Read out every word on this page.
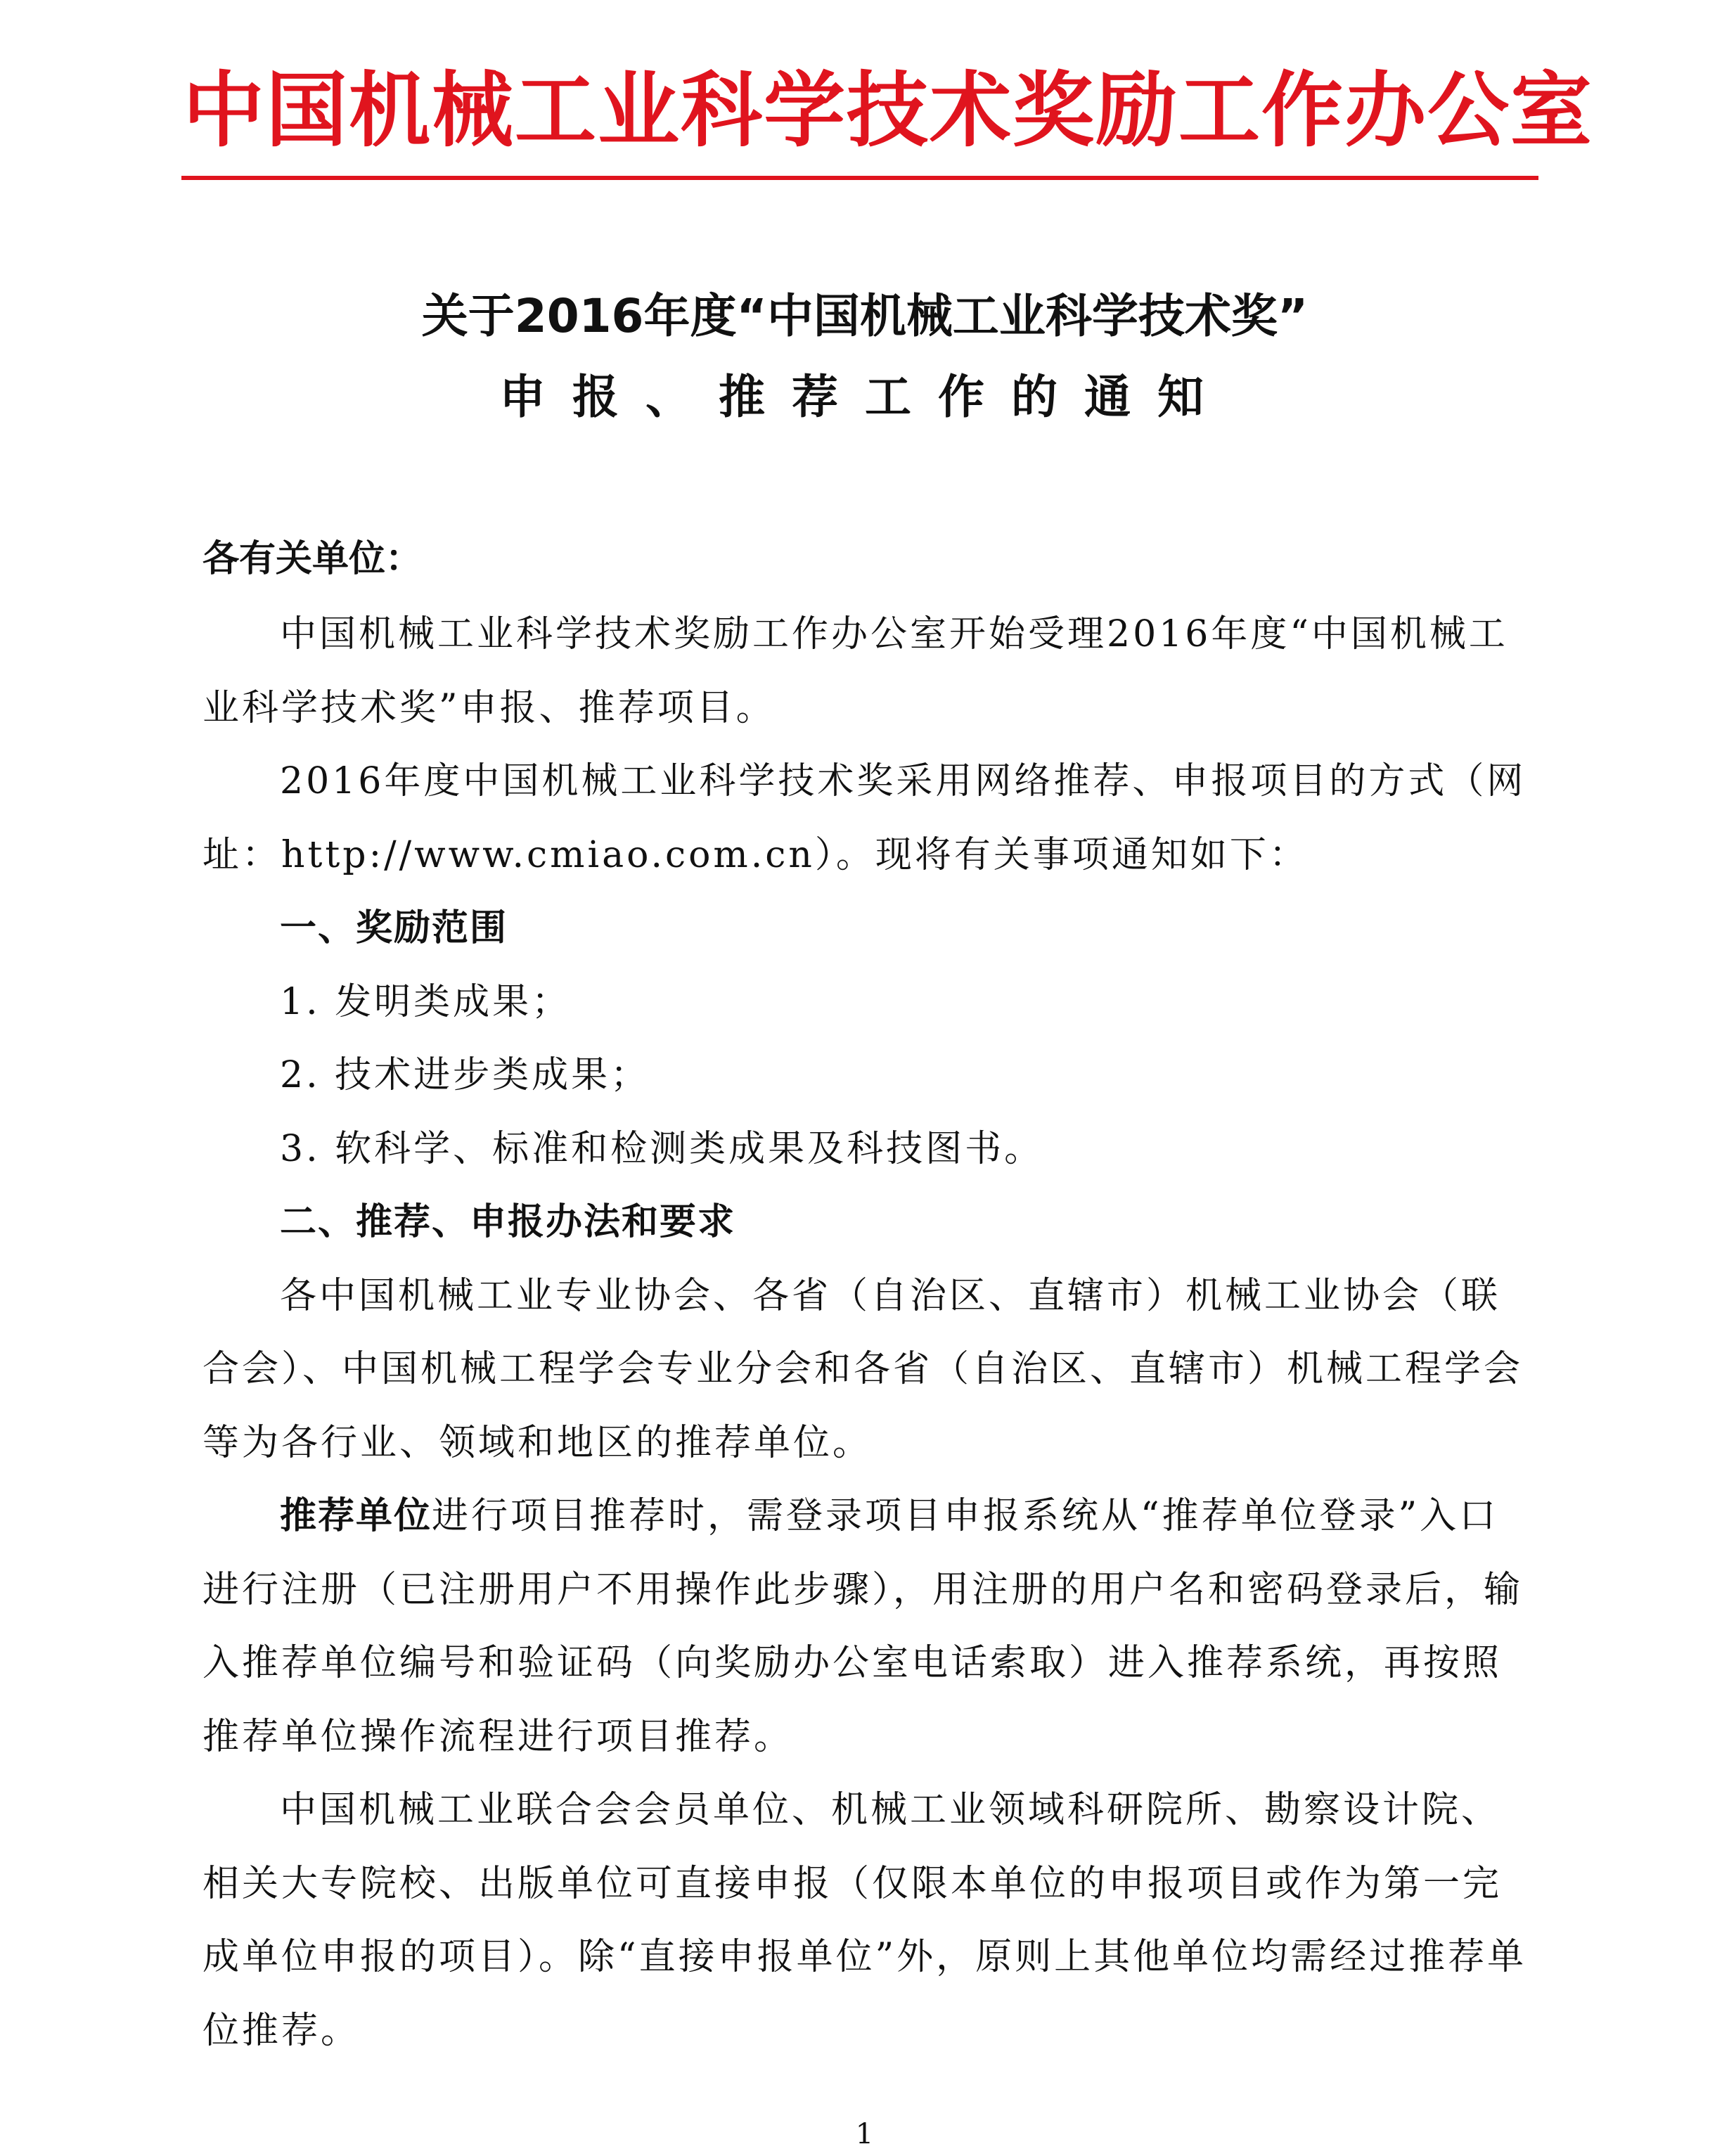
中国机械工业科学技术奖励工作办公室
关于2016年度“中国机械工业科学技术奖”
申报、推荐工作的通知
各有关单位：

中国机械工业科学技术奖励工作办公室开始受理2016年度“中国机械工业科学技术奖”申报、推荐项目。

2016年度中国机械工业科学技术奖采用网络推荐、申报项目的方式（网址：http://www.cmiao.com.cn）。现将有关事项通知如下：

一、奖励范围

1. 发明类成果；

2. 技术进步类成果；

3. 软科学、标准和检测类成果及科技图书。

二、推荐、申报办法和要求

各中国机械工业专业协会、各省（自治区、直辖市）机械工业协会（联合会）、中国机械工程学会专业分会和各省（自治区、直辖市）机械工程学会等为各行业、领域和地区的推荐单位。

推荐单位进行项目推荐时，需登录项目申报系统从“推荐单位登录”入口进行注册（已注册用户不用操作此步骤），用注册的用户名和密码登录后，输入推荐单位编号和验证码（向奖励办公室电话索取）进入推荐系统，再按照推荐单位操作流程进行项目推荐。

中国机械工业联合会会员单位、机械工业领域科研院所、勘察设计院、相关大专院校、出版单位可直接申报（仅限本单位的申报项目或作为第一完成单位申报的项目）。除“直接申报单位”外，原则上其他单位均需经过推荐单位推荐。

1
